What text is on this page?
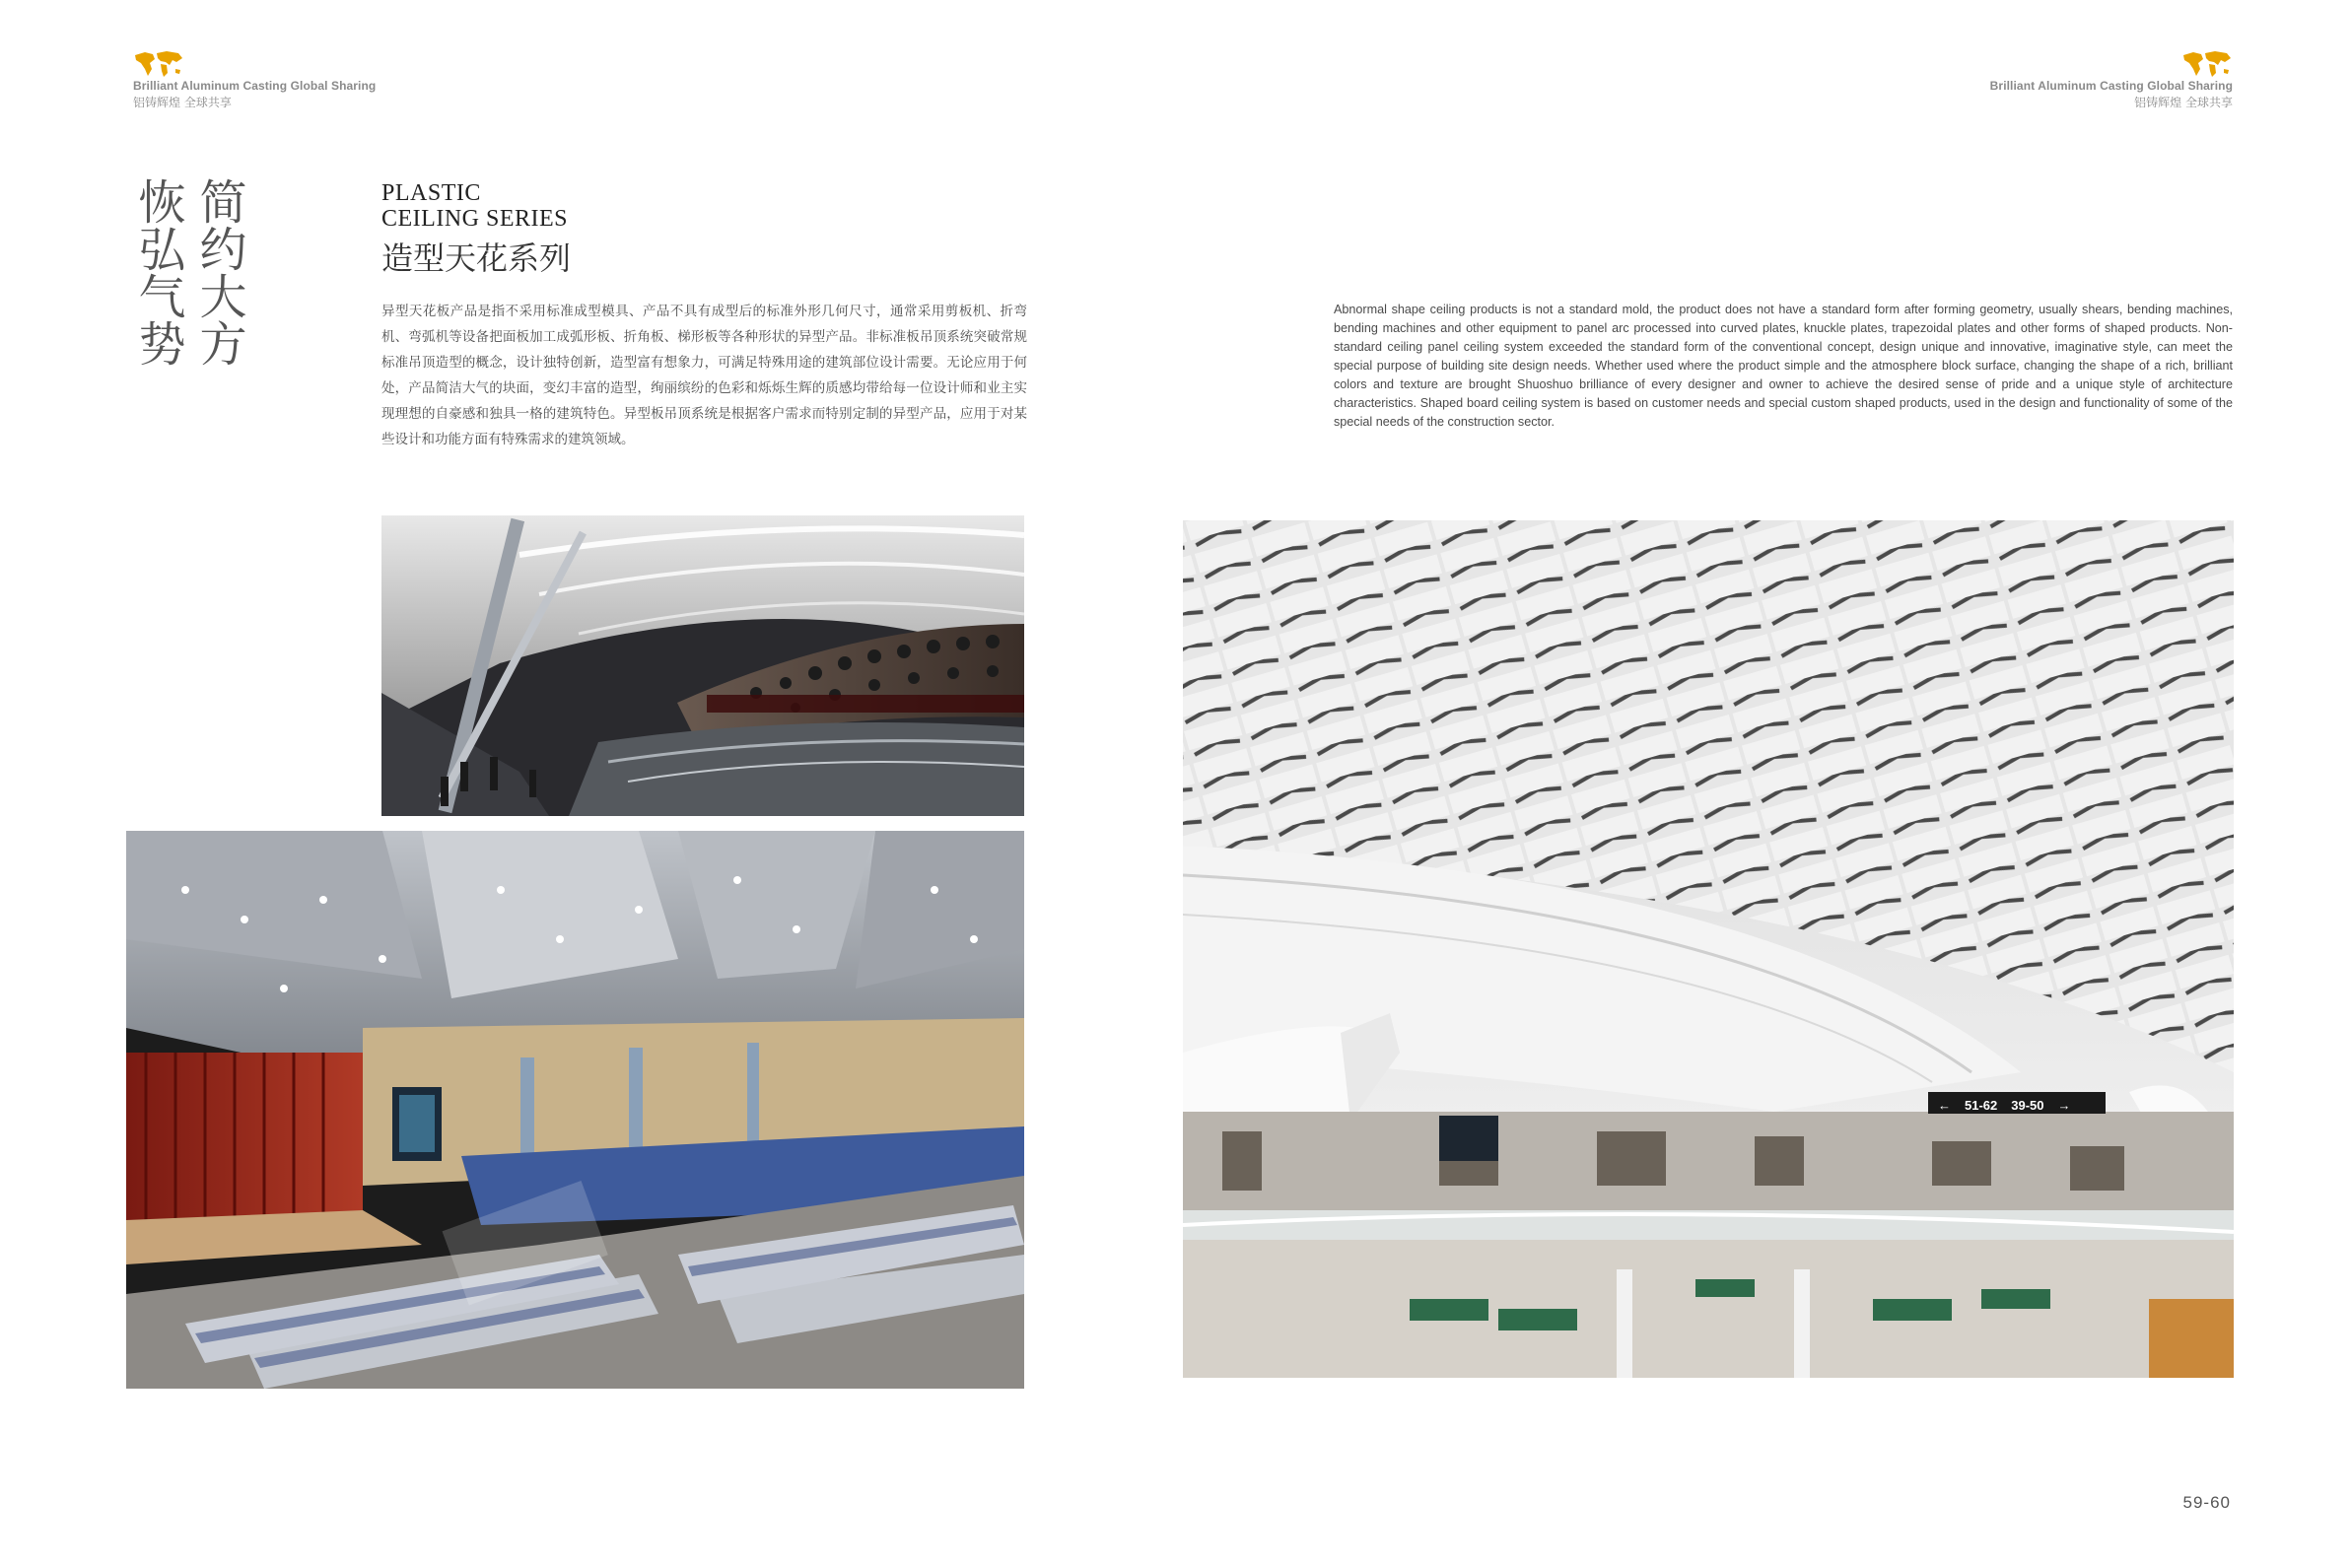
Brilliant Aluminum Casting Global Sharing
铝铸辉煌 全球共享
Brilliant Aluminum Casting Global Sharing
铝铸辉煌 全球共享
简约大方
恢弘气势	PLASTIC
CEILING SERIES
造型天花系列
异型天花板产品是指不采用标准成型模具、产品不具有成型后的标准外形几何尺寸，通常采用剪板机、折弯机、弯弧机等设备把面板加工成弧形板、折角板、梯形板等各种形状的异型产品。非标准板吊顶系统突破常规标准吊顶造型的概念，设计独特创新，造型富有想象力，可满足特殊用途的建筑部位设计需要。无论应用于何处，产品简洁大气的块面，变幻丰富的造型，绚丽缤纷的色彩和烁烁生辉的质感均带给每一位设计师和业主实现理想的自豪感和独具一格的建筑特色。异型板吊顶系统是根据客户需求而特别定制的异型产品，应用于对某些设计和功能方面有特殊需求的建筑领域。
Abnormal shape ceiling products is not a standard mold, the product does not have a standard form after forming geometry, usually shears, bending machines, bending machines and other equipment to panel arc processed into curved plates, knuckle plates, trapezoidal plates and other forms of shaped products. Non-standard ceiling panel ceiling system exceeded the standard form of the conventional concept, design unique and innovative, imaginative style, can meet the special purpose of building site design needs. Whether used where the product simple and the atmosphere block surface, changing the shape of a rich, brilliant colors and texture are brought Shuoshuo brilliance of every designer and owner to achieve the desired sense of pride and a unique style of architecture characteristics. Shaped board ceiling system is based on customer needs and special custom shaped products, used in the design and functionality of some of the special needs of the construction sector.
← 51-62 39-50 →
59-60
